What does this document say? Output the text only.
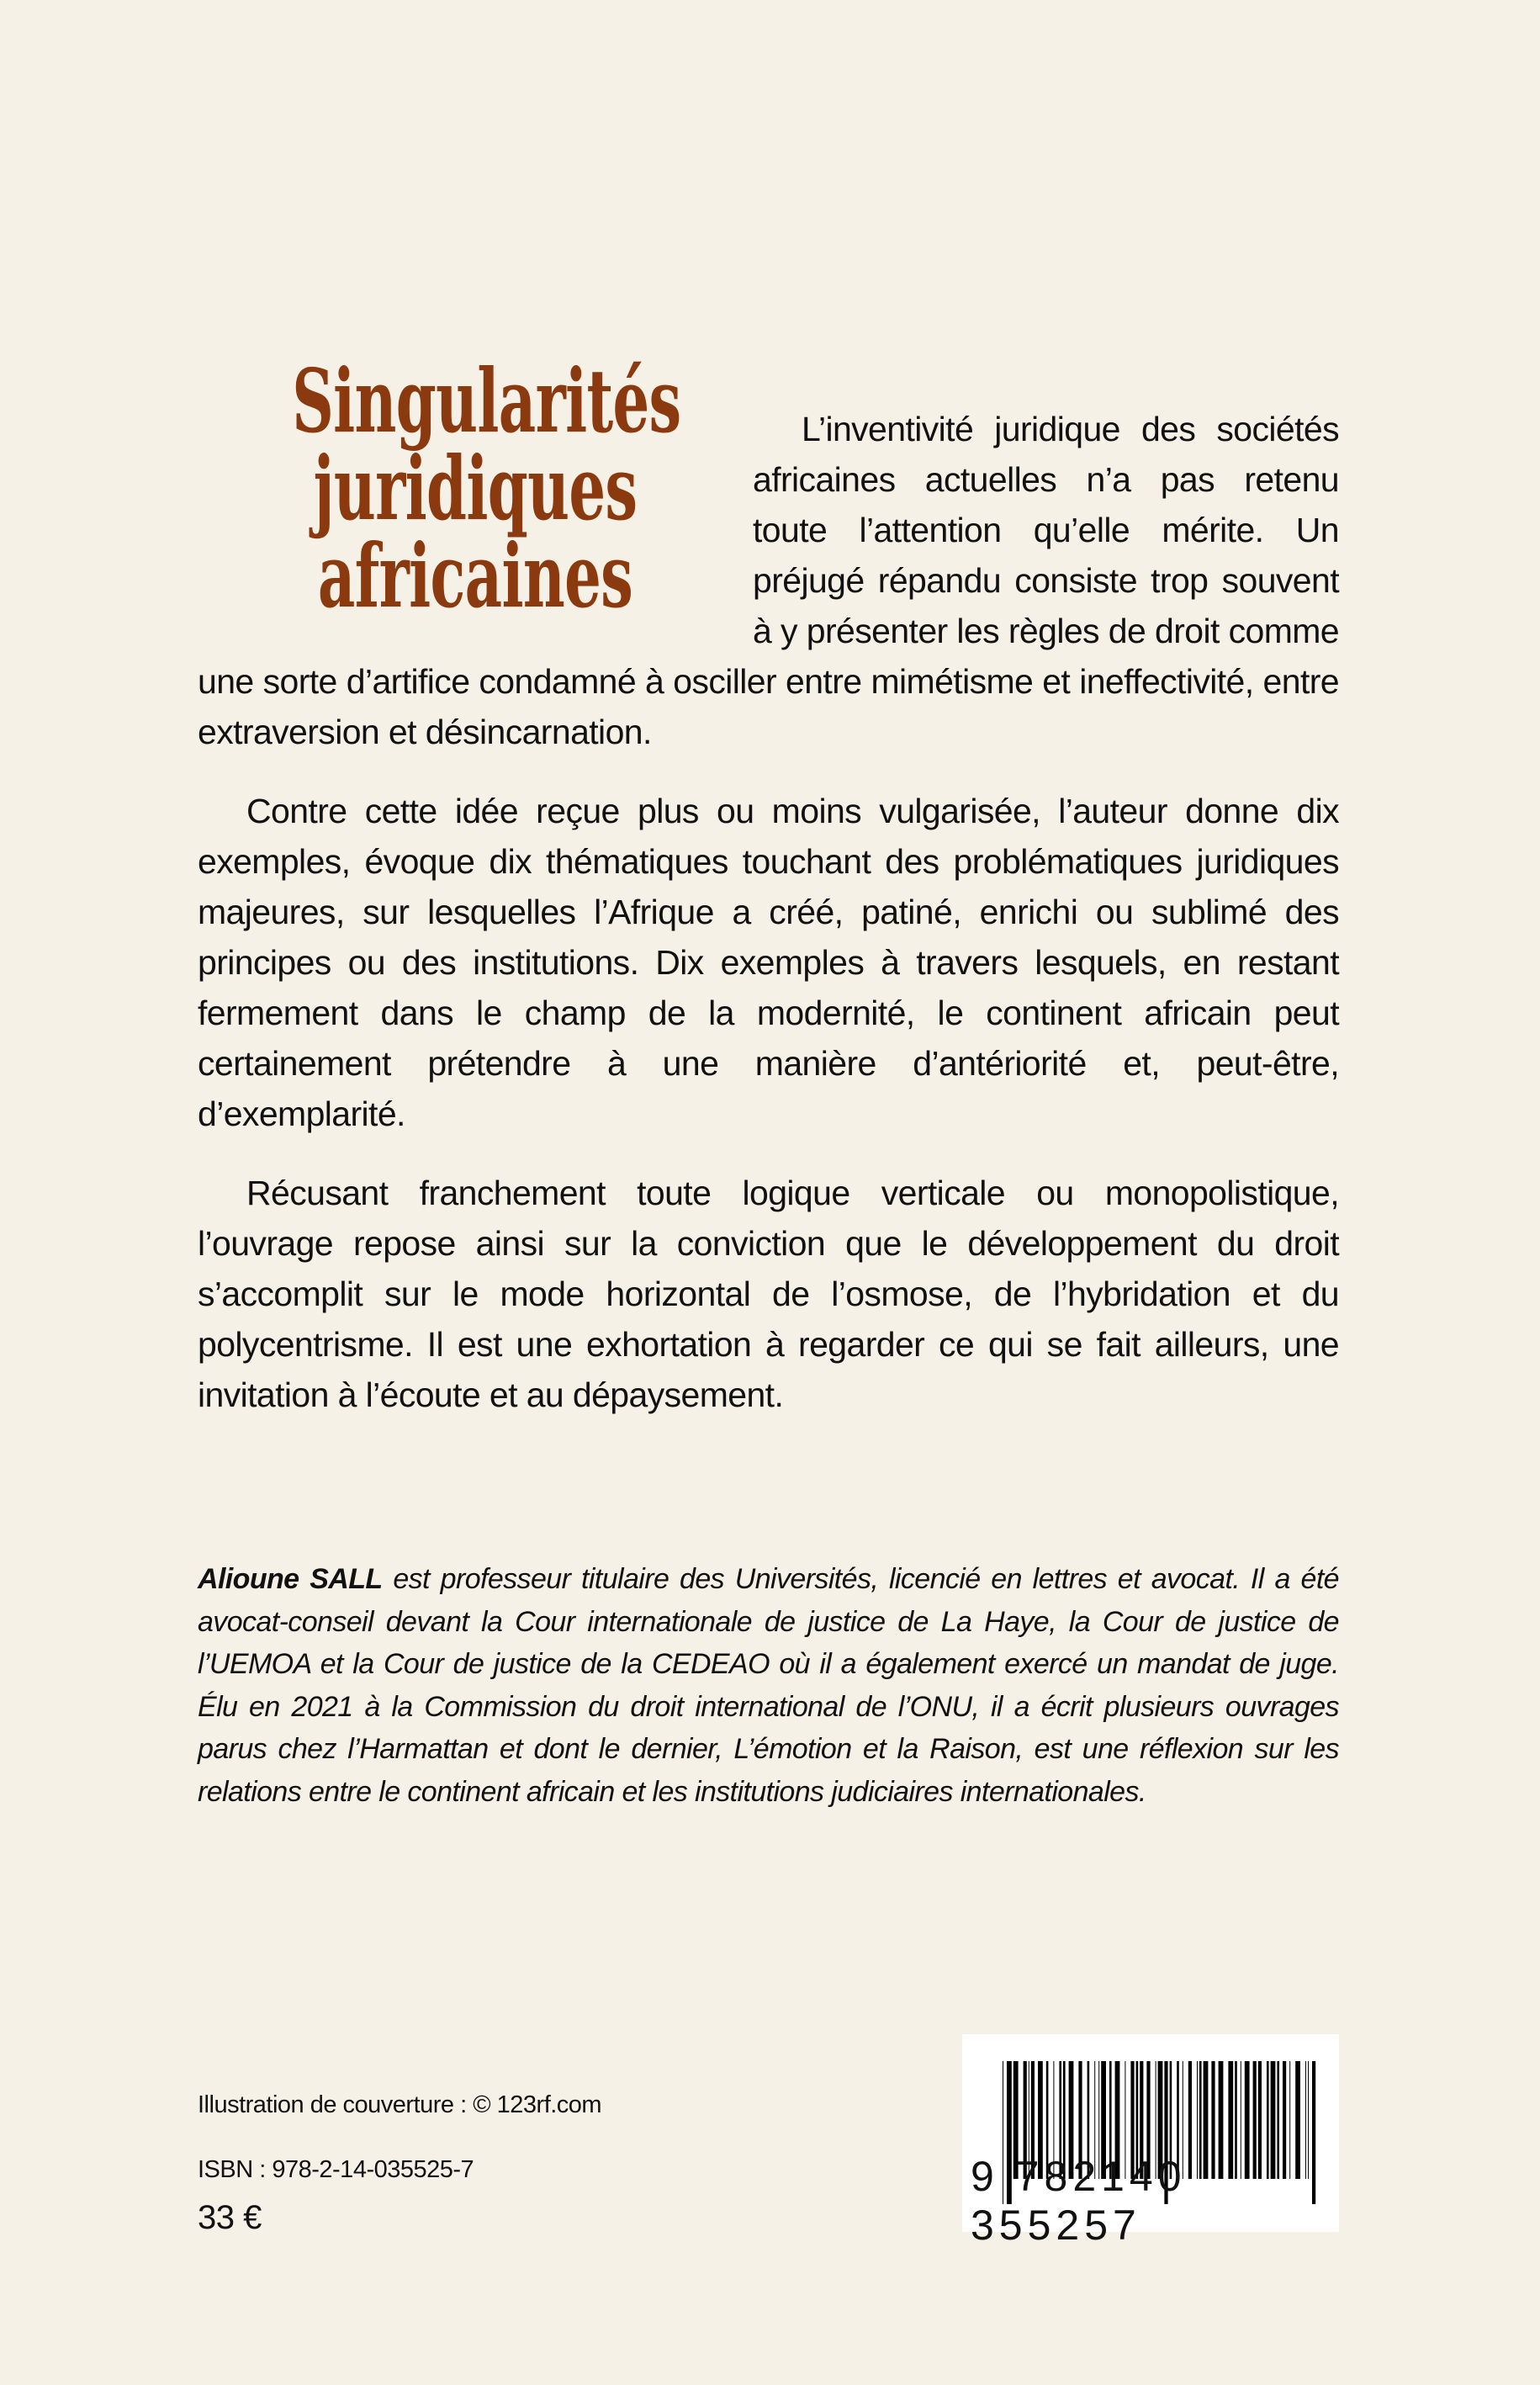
Singularités
juridiques
africaines

L’inventivité juridique des sociétés africaines actuelles n’a pas retenu toute l’attention qu’elle mérite. Un préjugé répandu consiste trop souvent à y présenter les règles de droit comme une sorte d’artifice condamné à osciller entre mimétisme et ineffectivité, entre extraversion et désincarnation.

Contre cette idée reçue plus ou moins vulgarisée, l’auteur donne dix exemples, évoque dix thématiques touchant des problématiques juridiques majeures, sur lesquelles l’Afrique a créé, patiné, enrichi ou sublimé des principes ou des institutions. Dix exemples à travers lesquels, en restant fermement dans le champ de la modernité, le continent africain peut certainement prétendre à une manière d’antériorité et, peut-être, d’exemplarité.

Récusant franchement toute logique verticale ou monopolistique, l’ouvrage repose ainsi sur la conviction que le développement du droit s’accomplit sur le mode horizontal de l’osmose, de l’hybridation et du polycentrisme. Il est une exhortation à regarder ce qui se fait ailleurs, une invitation à l’écoute et au dépaysement.

Alioune SALL est professeur titulaire des Universités, licencié en lettres et avocat. Il a été avocat-conseil devant la Cour internationale de justice de La Haye, la Cour de justice de l’UEMOA et la Cour de justice de la CEDEAO où il a également exercé un mandat de juge. Élu en 2021 à la Commission du droit international de l’ONU, il a écrit plusieurs ouvrages parus chez l’Harmattan et dont le dernier, L’émotion et la Raison, est une réflexion sur les relations entre le continent africain et les institutions judiciaires internationales.
Illustration de couverture : © 123rf.com
ISBN : 978-2-14-035525-7
33 €
9 782140 355257
